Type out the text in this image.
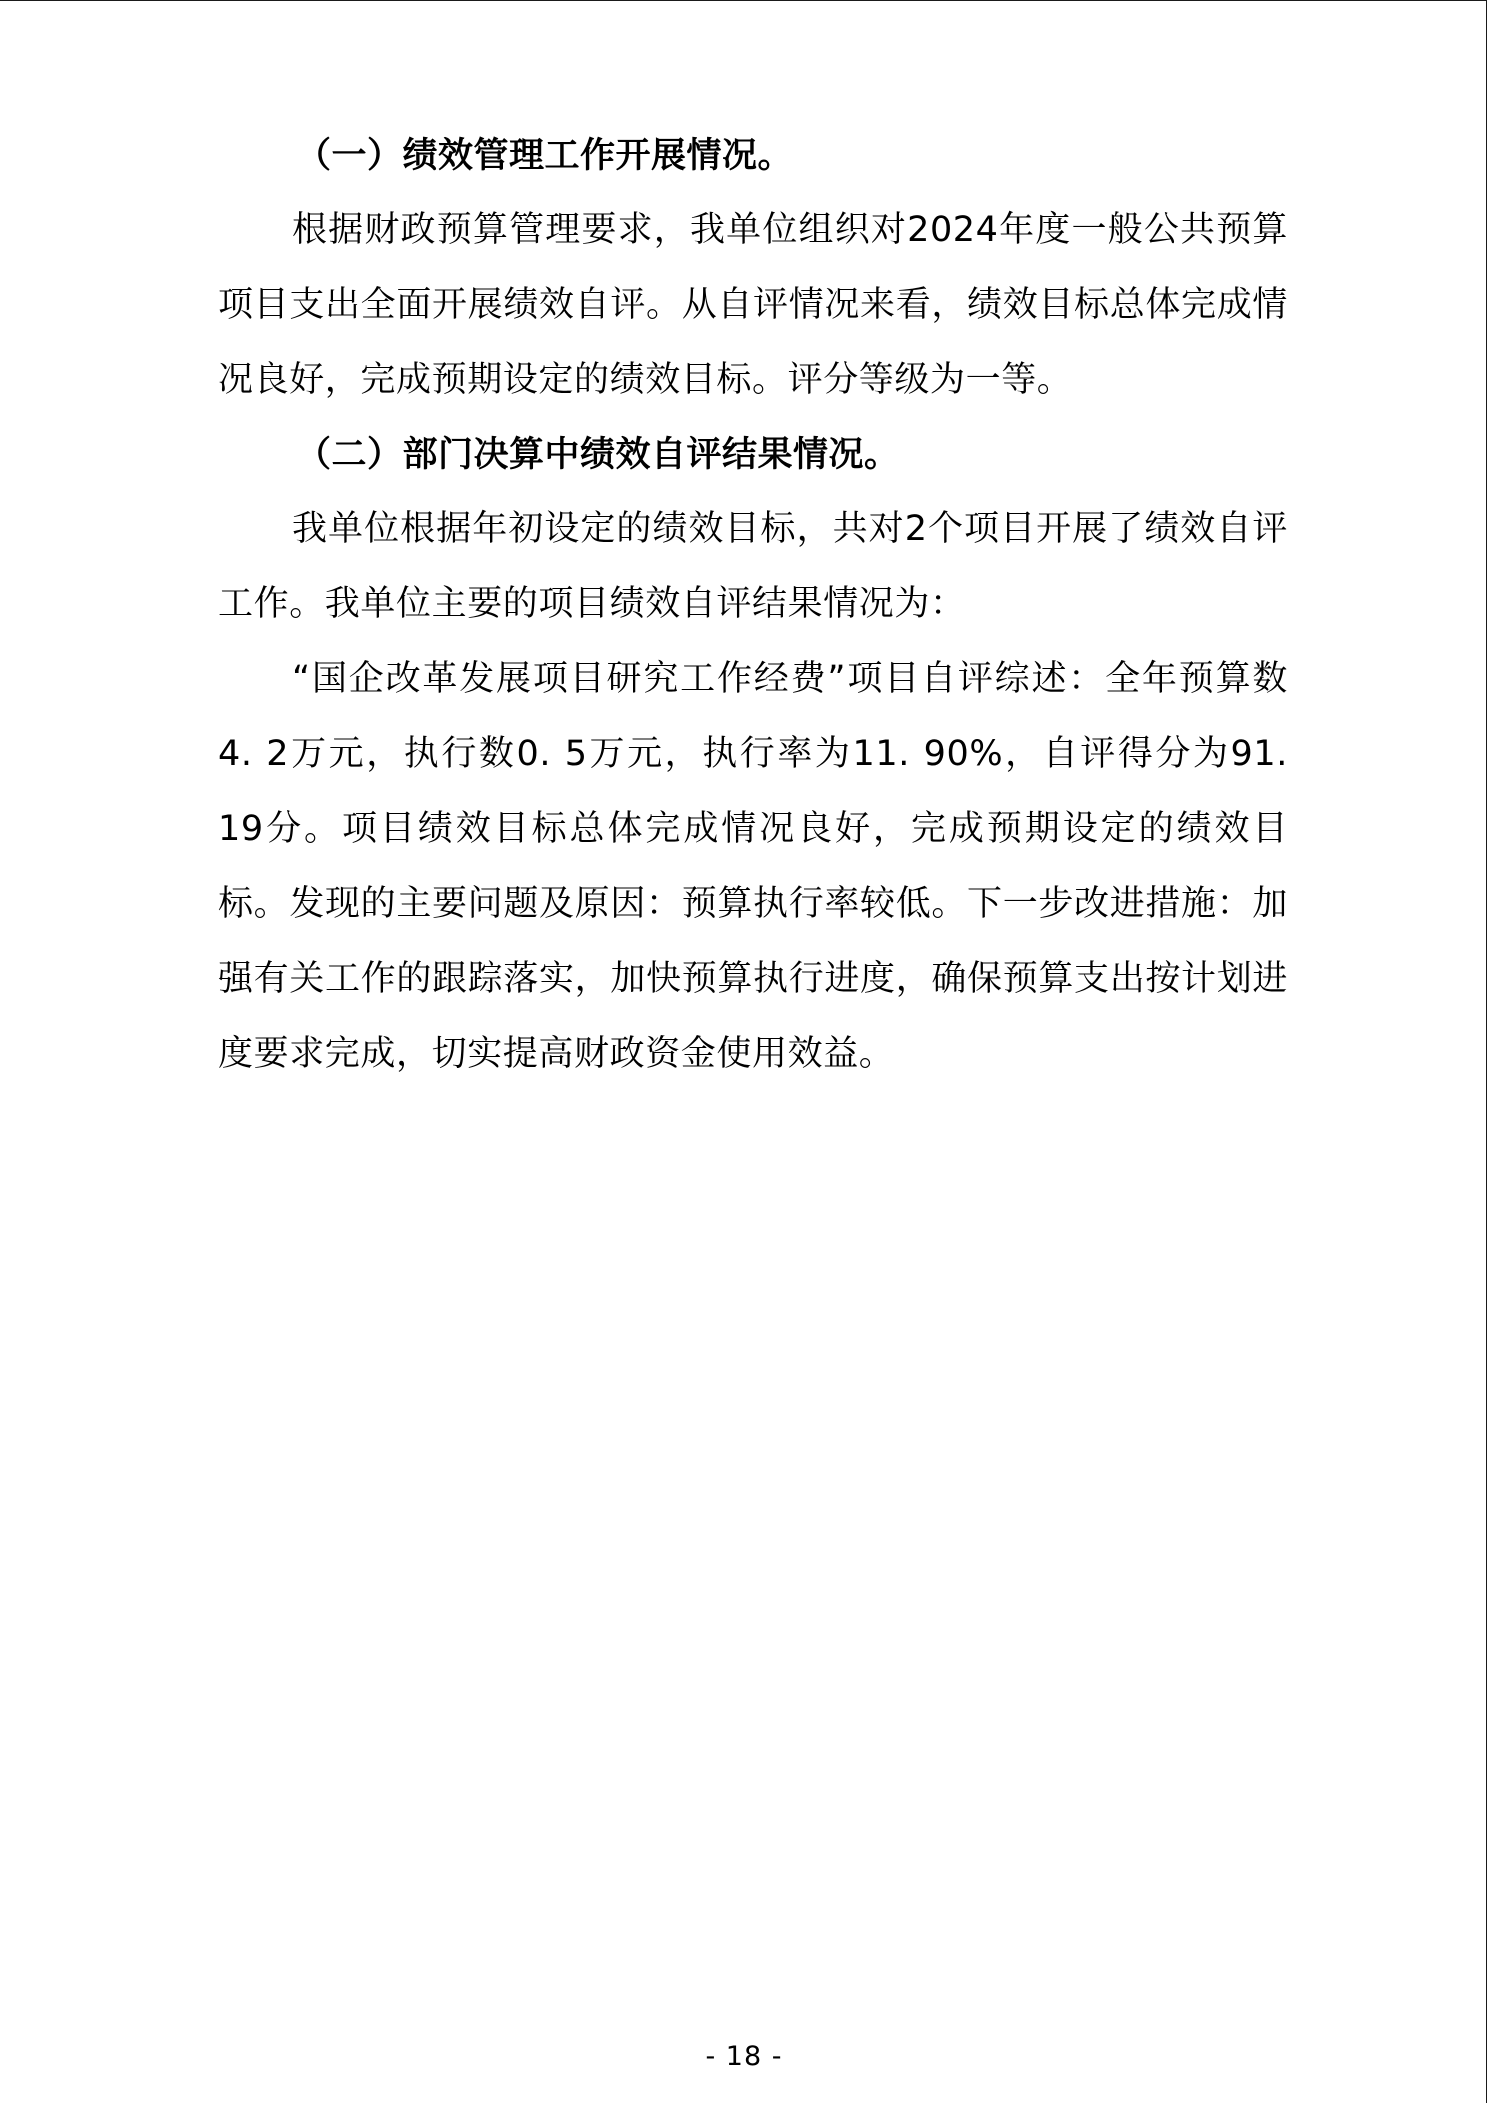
（一）绩效管理工作开展情况。

根据财政预算管理要求，我单位组织对2024年度一般公共预算项目支出全面开展绩效自评。从自评情况来看，绩效目标总体完成情况良好，完成预期设定的绩效目标。评分等级为一等。

（二）部门决算中绩效自评结果情况。

我单位根据年初设定的绩效目标，共对2个项目开展了绩效自评工作。我单位主要的项目绩效自评结果情况为：

“国企改革发展项目研究工作经费”项目自评综述：全年预算数4. 2万元，执行数0. 5万元，执行率为11. 90%，自评得分为91. 19分。项目绩效目标总体完成情况良好，完成预期设定的绩效目标。发现的主要问题及原因：预算执行率较低。下一步改进措施：加强有关工作的跟踪落实，加快预算执行进度，确保预算支出按计划进度要求完成，切实提高财政资金使用效益。

- 18 -
